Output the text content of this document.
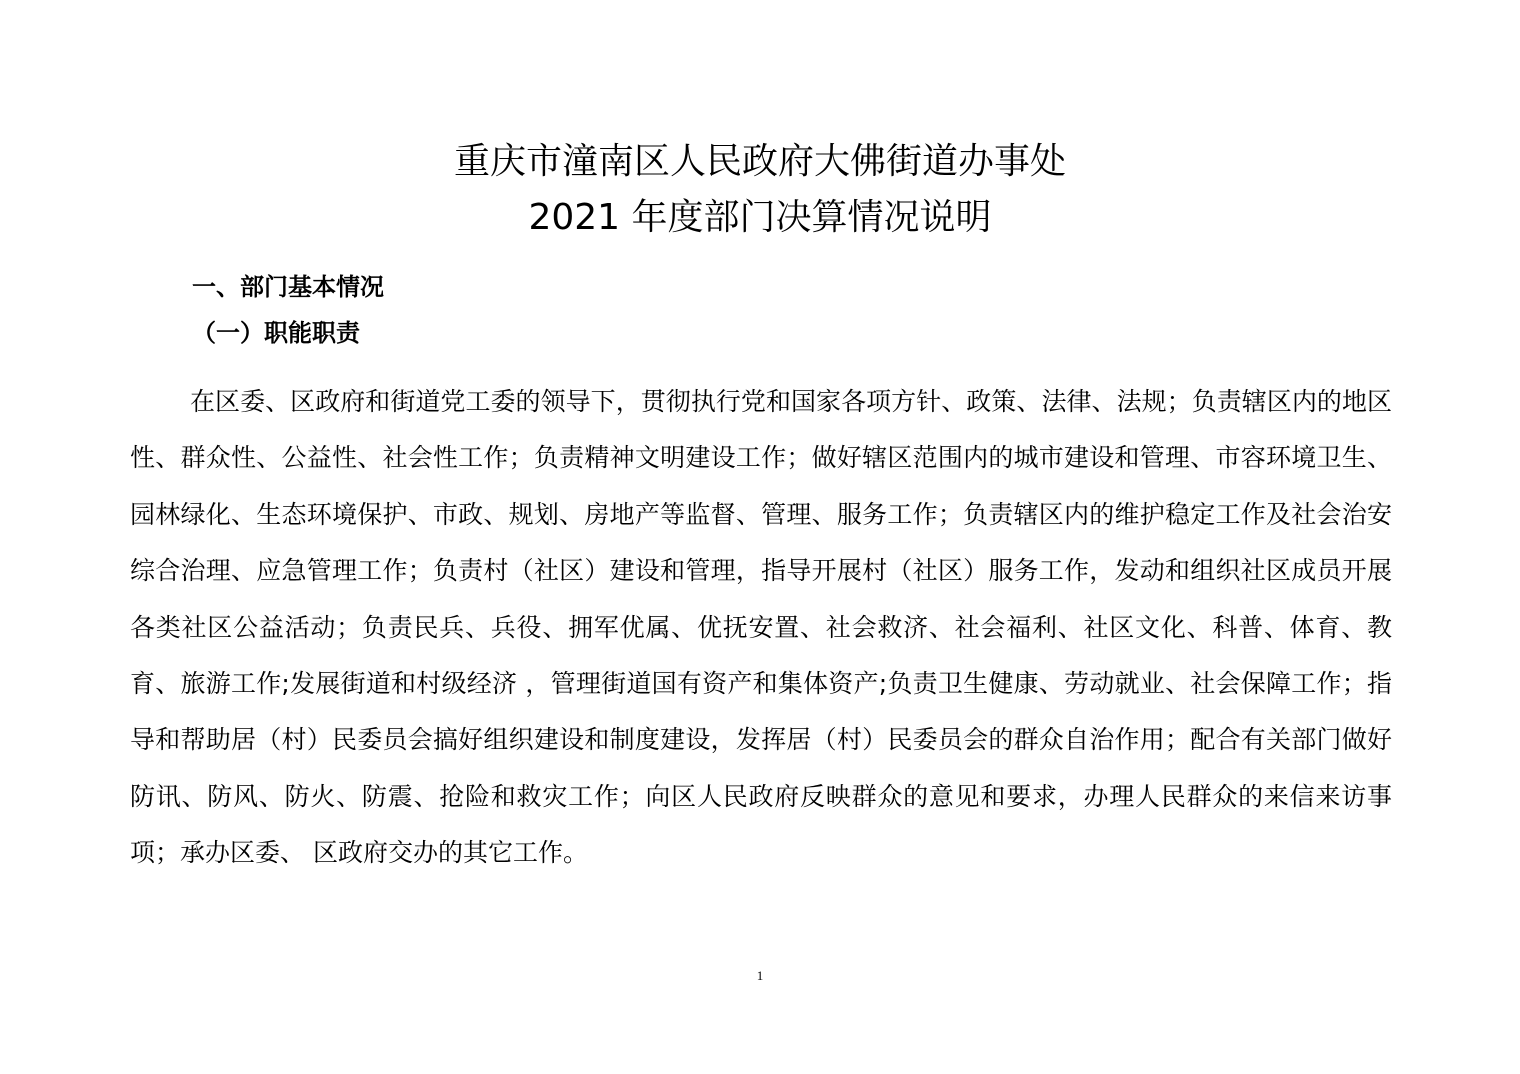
重庆市潼南区人民政府大佛街道办事处
2021 年度部门决算情况说明
一、部门基本情况
（一）职能职责

在区委、区政府和街道党工委的领导下，贯彻执行党和国家各项方针、政策、法律、法规；负责辖区内的地区性、群众性、公益性、社会性工作；负责精神文明建设工作；做好辖区范围内的城市建设和管理、市容环境卫生、园林绿化、生态环境保护、市政、规划、房地产等监督、管理、服务工作；负责辖区内的维护稳定工作及社会治安综合治理、应急管理工作；负责村（社区）建设和管理，指导开展村（社区）服务工作，发动和组织社区成员开展各类社区公益活动；负责民兵、兵役、拥军优属、优抚安置、社会救济、社会福利、社区文化、科普、体育、教育、旅游工作;发展街道和村级经济 ，管理街道国有资产和集体资产;负责卫生健康、劳动就业、社会保障工作；指导和帮助居（村）民委员会搞好组织建设和制度建设，发挥居（村）民委员会的群众自治作用；配合有关部门做好防讯、防风、防火、防震、抢险和救灾工作；向区人民政府反映群众的意见和要求，办理人民群众的来信来访事项；承办区委、 区政府交办的其它工作。

1
